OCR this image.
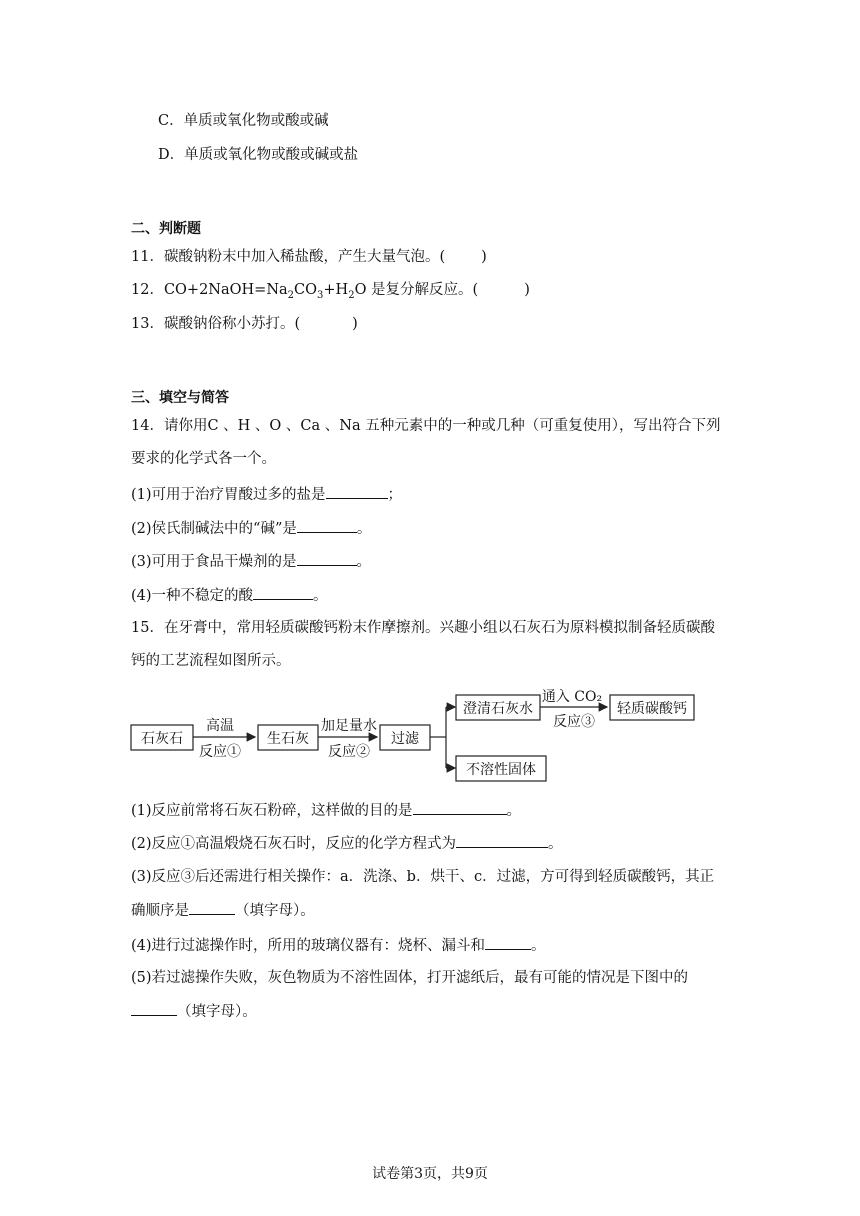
C．单质或氧化物或酸或碱
D．单质或氧化物或酸或碱或盐
二、判断题
11．碳酸钠粉末中加入稀盐酸，产生大量气泡。( )
12．$CO+2NaOH=Na_2CO_3+H_2O$ 是复分解反应。(	)
13．碳酸钠俗称小苏打。(	)
三、填空与简答
14．请你用C 、H 、O 、Ca 、Na 五种元素中的一种或几种（可重复使用），写出符合下列
要求的化学式各一个。
(1)可用于治疗胃酸过多的盐是	；
(2)侯氏制碱法中的“碱”是	。
(3)可用于食品干燥剂的是	。
(4)一种不稳定的酸	。
15．在牙膏中，常用轻质碳酸钙粉末作摩擦剂。兴趣小组以石灰石为原料模拟制备轻质碳酸
钙的工艺流程如图所示。
石灰石
高温
反应①
生石灰
加足量水
反应②
过滤
澄清石灰水
通入 CO₂
反应③
轻质碳酸钙
不溶性固体
(1)反应前常将石灰石粉碎，这样做的目的是	。
(2)反应①高温煅烧石灰石时，反应的化学方程式为	。
(3)反应③后还需进行相关操作：a．洗涤、b．烘干、c．过滤，方可得到轻质碳酸钙，其正
确顺序是	（填字母）。
(4)进行过滤操作时，所用的玻璃仪器有：烧杯、漏斗和	。
(5)若过滤操作失败，灰色物质为不溶性固体，打开滤纸后，最有可能的情况是下图中的
（填字母）。
试卷第3页，共9页
